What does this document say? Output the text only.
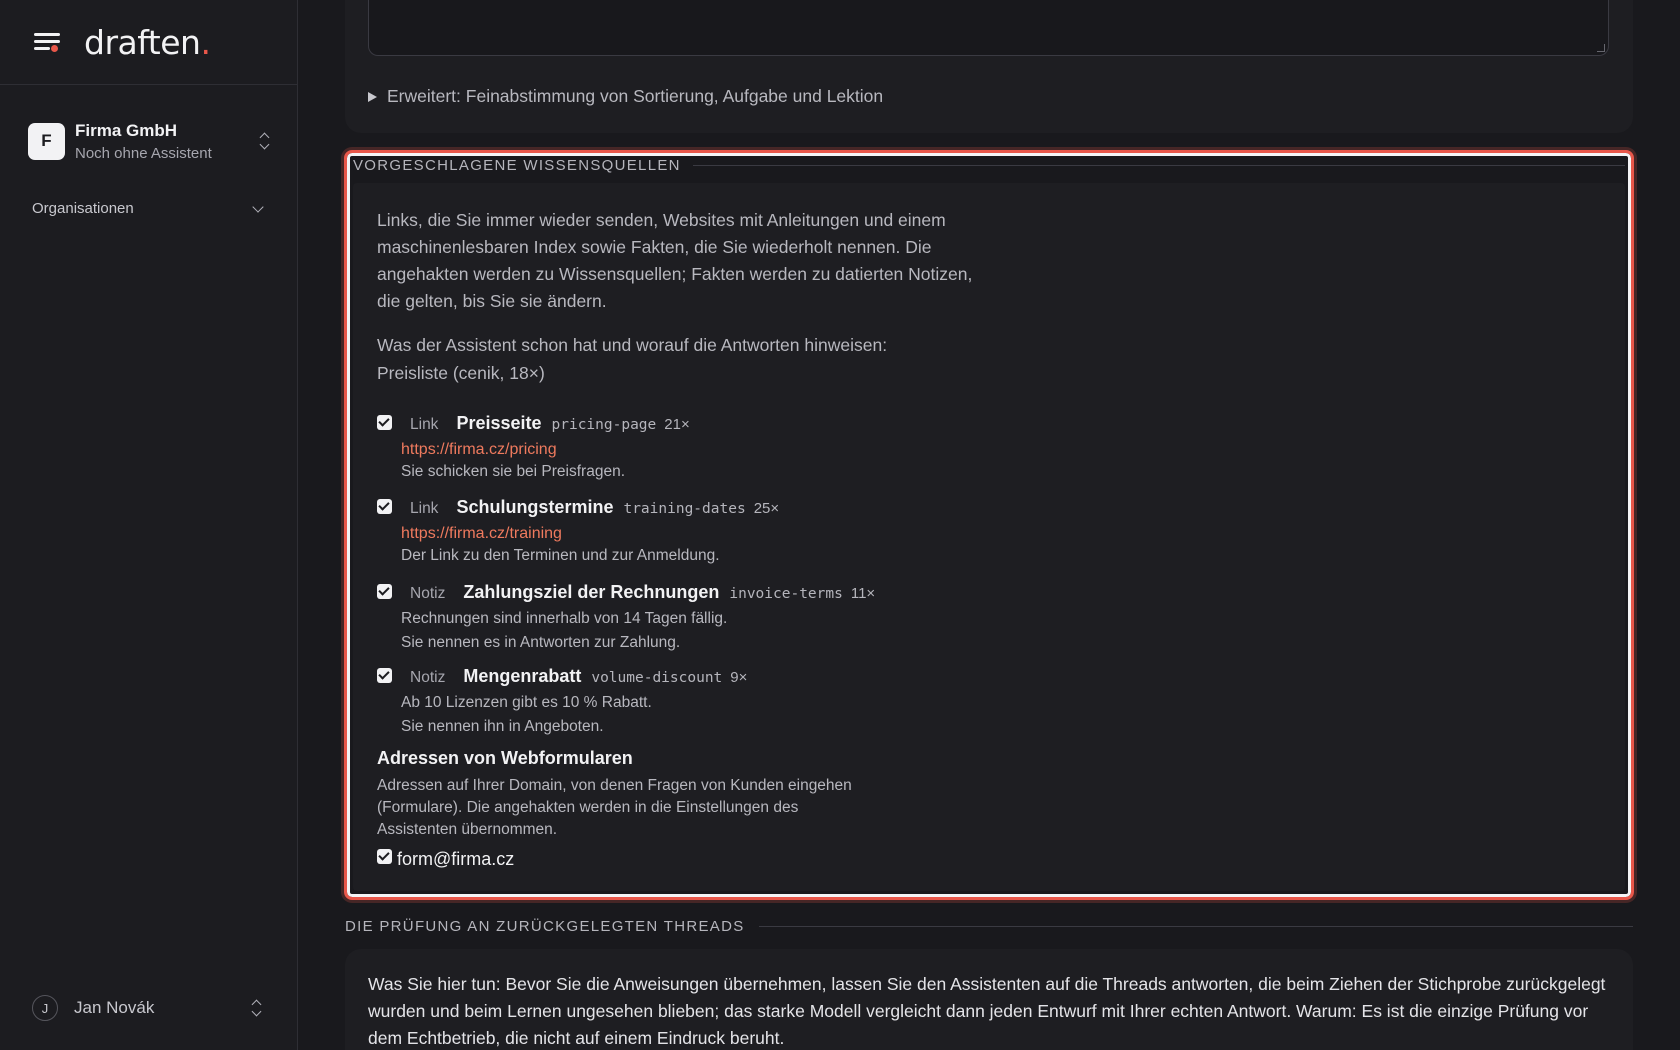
draften.
F
Firma GmbH
Noch ohne Assistent
Organisationen
J	Jan Novák
Erweitert: Feinabstimmung von Sortierung, Aufgabe und Lektion
VORGESCHLAGENE WISSENSQUELLEN

Links, die Sie immer wieder senden, Websites mit Anleitungen und einem maschinenlesbaren Index sowie Fakten, die Sie wiederholt nennen. Die angehakten werden zu Wissensquellen; Fakten werden zu datierten Notizen, die gelten, bis Sie sie ändern.

Was der Assistent schon hat und worauf die Antworten hinweisen:
Preisliste (cenik, 18×)
Link Preisseite pricing-page 21×
https://firma.cz/pricing
Sie schicken sie bei Preisfragen.
Link Schulungstermine training-dates 25×
https://firma.cz/training
Der Link zu den Terminen und zur Anmeldung.
Notiz Zahlungsziel der Rechnungen invoice-terms 11×
Rechnungen sind innerhalb von 14 Tagen fällig.
Sie nennen es in Antworten zur Zahlung.
Notiz Mengenrabatt volume-discount 9×
Ab 10 Lizenzen gibt es 10 % Rabatt.
Sie nennen ihn in Angeboten.
Adressen von Webformularen

Adressen auf Ihrer Domain, von denen Fragen von Kunden eingehen (Formulare). Die angehakten werden in die Einstellungen des Assistenten übernommen.

form@firma.cz
DIE PRÜFUNG AN ZURÜCKGELEGTEN THREADS

Was Sie hier tun: Bevor Sie die Anweisungen übernehmen, lassen Sie den Assistenten auf die Threads antworten, die beim Ziehen der Stichprobe zurückgelegt wurden und beim Lernen ungesehen blieben; das starke Modell vergleicht dann jeden Entwurf mit Ihrer echten Antwort. Warum: Es ist die einzige Prüfung vor dem Echtbetrieb, die nicht auf einem Eindruck beruht.
